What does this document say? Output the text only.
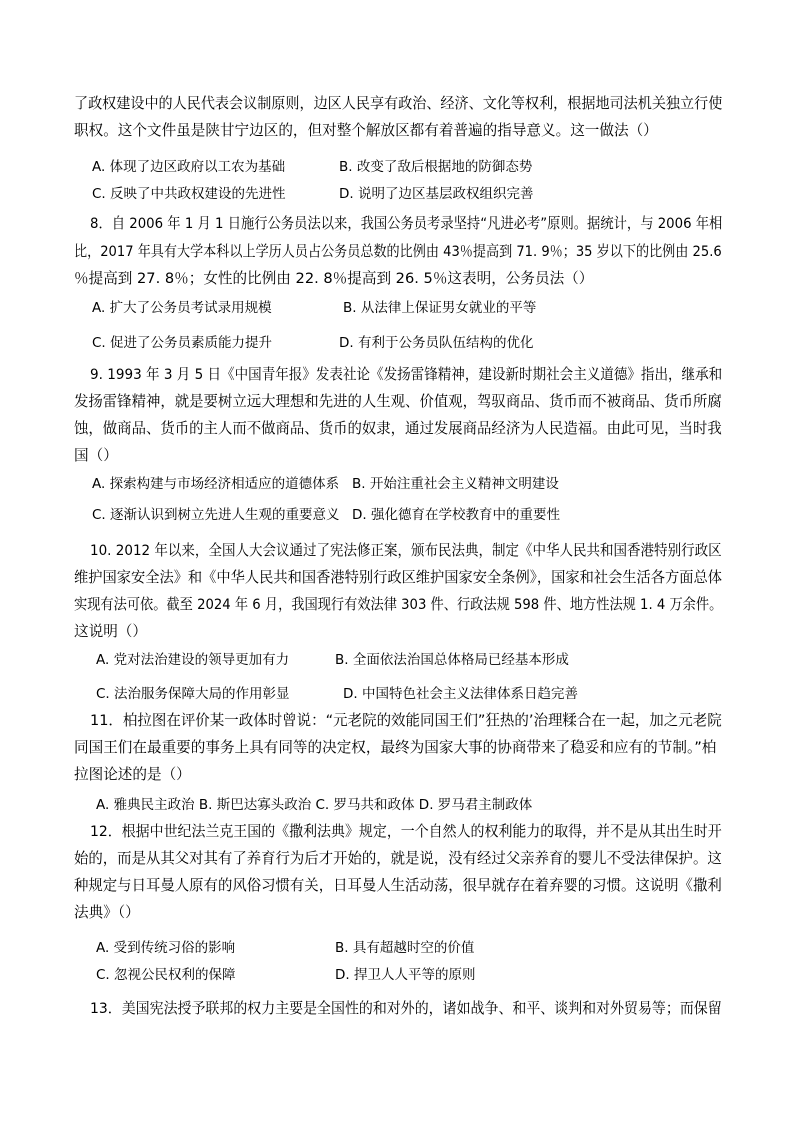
了政权建设中的人民代表会议制原则，边区人民享有政治、经济、文化等权利，根据地司法机关独立行使
职权。这个文件虽是陕甘宁边区的，但对整个解放区都有着普遍的指导意义。这一做法（）
A. 体现了边区政府以工农为基础	B. 改变了敌后根据地的防御态势
C. 反映了中共政权建设的先进性	D. 说明了边区基层政权组织完善
8．自 2006 年 1 月 1 日施行公务员法以来，我国公务员考录坚持“凡进必考”原则。据统计，与 2006 年相
比，2017 年具有大学本科以上学历人员占公务员总数的比例由 43％提高到 71. 9％；35 岁以下的比例由 25.6
％提高到 27. 8％；女性的比例由 22. 8％提高到 26. 5％这表明，公务员法（）
A. 扩大了公务员考试录用规模	B. 从法律上保证男女就业的平等
C. 促进了公务员素质能力提升	D. 有利于公务员队伍结构的优化
9. 1993 年 3 月 5 日《中国青年报》发表社论《发扬雷锋精神，建设新时期社会主义道德》指出，继承和
发扬雷锋精神，就是要树立远大理想和先进的人生观、价值观，驾驭商品、货币而不被商品、货币所腐
蚀，做商品、货币的主人而不做商品、货币的奴隶，通过发展商品经济为人民造福。由此可见，当时我
国（）
A. 探索构建与市场经济相适应的道德体系 B. 开始注重社会主义精神文明建设
C. 逐渐认识到树立先进人生观的重要意义 D. 强化德育在学校教育中的重要性
10. 2012 年以来，全国人大会议通过了宪法修正案，颁布民法典，制定《中华人民共和国香港特别行政区
维护国家安全法》和《中华人民共和国香港特别行政区维护国家安全条例》，国家和社会生活各方面总体
实现有法可依。截至 2024 年 6 月，我国现行有效法律 303 件、行政法规 598 件、地方性法规 1. 4 万余件。
这说明（）
A. 党对法治建设的领导更加有力	B. 全面依法治国总体格局已经基本形成
C. 法治服务保障大局的作用彰显	D. 中国特色社会主义法律体系日趋完善
11．柏拉图在评价某一政体时曾说：“元老院的效能同国王们”狂热的’治理糅合在一起，加之元老院
同国王们在最重要的事务上具有同等的决定权，最终为国家大事的协商带来了稳妥和应有的节制。”柏
拉图论述的是（）
A. 雅典民主政治 B. 斯巴达寡头政治 C. 罗马共和政体 D. 罗马君主制政体
12．根据中世纪法兰克王国的《撒利法典》规定，一个自然人的权利能力的取得，并不是从其出生时开
始的，而是从其父对其有了养育行为后才开始的，就是说，没有经过父亲养育的婴儿不受法律保护。这
种规定与日耳曼人原有的风俗习惯有关，日耳曼人生活动荡，很早就存在着弃婴的习惯。这说明《撒利
法典》（）
A. 受到传统习俗的影响	B. 具有超越时空的价值
C. 忽视公民权利的保障	D. 捍卫人人平等的原则
13．美国宪法授予联邦的权力主要是全国性的和对外的，诸如战争、和平、谈判和对外贸易等；而保留
